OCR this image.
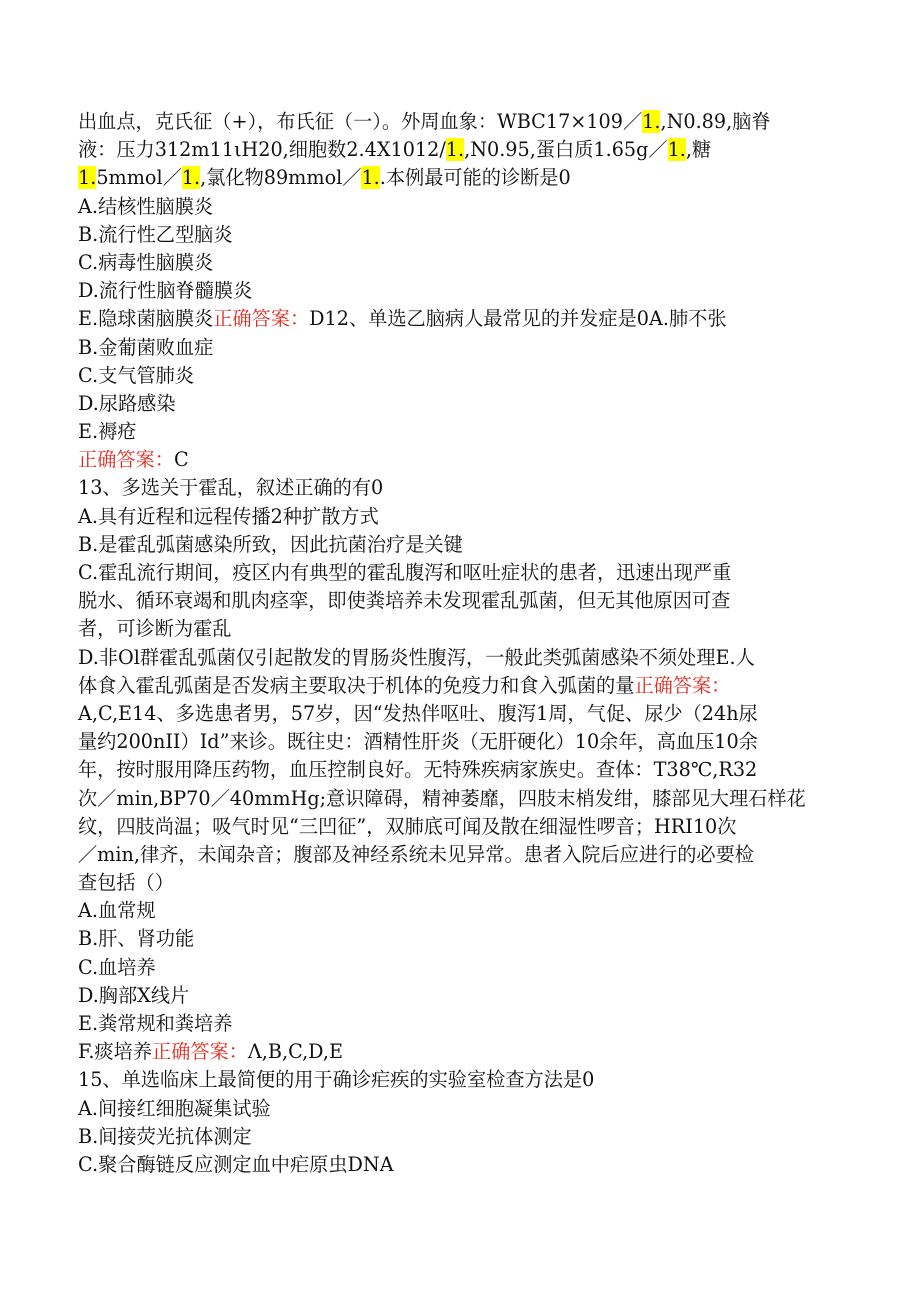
出血点，克氏征（+），布氏征（一）。外周血象：WBC17×109／1.,N0.89,脑脊
液：压力312m11ιH20,细胞数2.4X1012/1.,N0.95,蛋白质1.65g／1.,糖
1.5mmol／1.,氯化物89mmol／1..本例最可能的诊断是0
A.结核性脑膜炎
B.流行性乙型脑炎
C.病毒性脑膜炎
D.流行性脑脊髓膜炎
E.隐球菌脑膜炎正确答案：D12、单选乙脑病人最常见的并发症是0A.肺不张
B.金葡菌败血症
C.支气管肺炎
D.尿路感染
E.褥疮
正确答案：C
13、多选关于霍乱，叙述正确的有0
A.具有近程和远程传播2种扩散方式
B.是霍乱弧菌感染所致，因此抗菌治疗是关键
C.霍乱流行期间，疫区内有典型的霍乱腹泻和呕吐症状的患者，迅速出现严重
脱水、循环衰竭和肌肉痉挛，即使粪培养未发现霍乱弧菌，但无其他原因可查
者，可诊断为霍乱
D.非Ol群霍乱弧菌仅引起散发的胃肠炎性腹泻，一般此类弧菌感染不须处理E.人
体食入霍乱弧菌是否发病主要取决于机体的免疫力和食入弧菌的量正确答案：
A,C,E14、多选患者男，57岁，因“发热伴呕吐、腹泻1周，气促、尿少（24h尿
量约200nII）Id”来诊。既往史：酒精性肝炎（无肝硬化）10余年，高血压10余
年，按时服用降压药物，血压控制良好。无特殊疾病家族史。查体：T38℃,R32
次／min,BP70／40mmHg;意识障碍，精神萎靡，四肢末梢发绀，膝部见大理石样花
纹，四肢尚温；吸气时见“三凹征”，双肺底可闻及散在细湿性啰音；HRI10次
／min,律齐，未闻杂音；腹部及神经系统未见异常。患者入院后应进行的必要检
查包括（）
A.血常规
B.肝、肾功能
C.血培养
D.胸部X线片
E.粪常规和粪培养
F.痰培养正确答案：Λ,B,C,D,E
15、单选临床上最简便的用于确诊疟疾的实验室检查方法是0
A.间接红细胞凝集试验
B.间接荧光抗体测定
C.聚合酶链反应测定血中疟原虫DNA
